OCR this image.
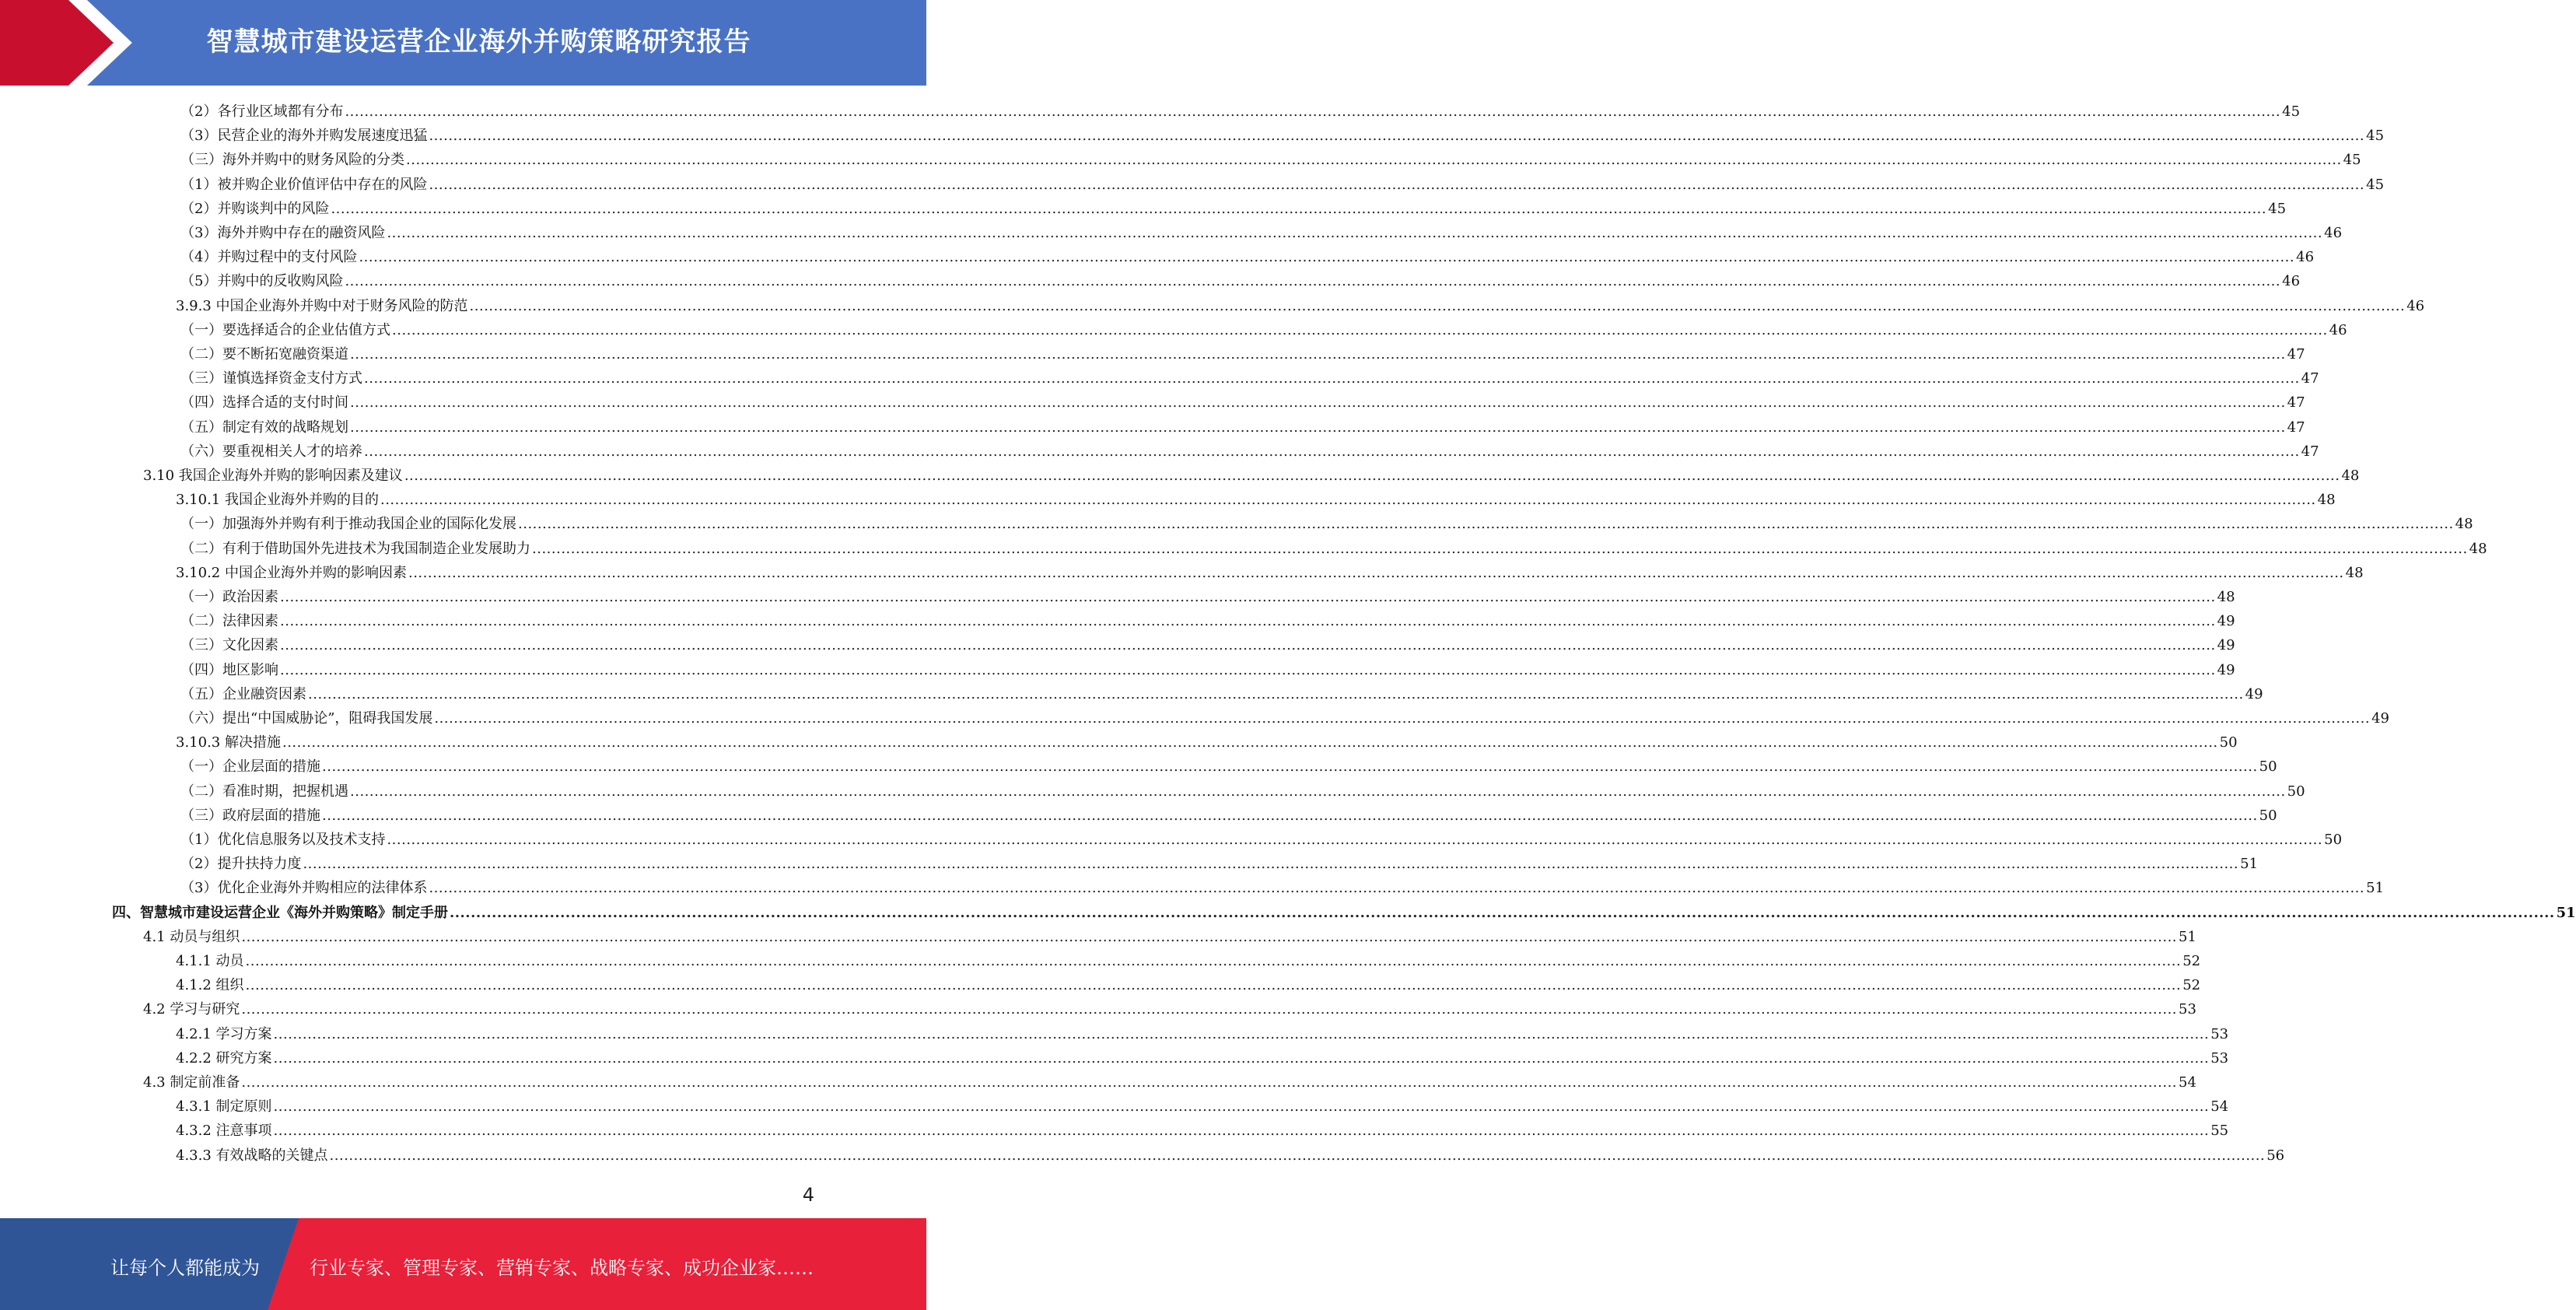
智慧城市建设运营企业海外并购策略研究报告
（2）各行业区域都有分布 ................................................................................................................................................................................................................................................................................................................................................................................................................ 45
（3）民营企业的海外并购发展速度迅猛 ................................................................................................................................................................................................................................................................................................................................................................................................................ 45
（三）海外并购中的财务风险的分类 ................................................................................................................................................................................................................................................................................................................................................................................................................ 45
（1）被并购企业价值评估中存在的风险 ................................................................................................................................................................................................................................................................................................................................................................................................................ 45
（2）并购谈判中的风险 ................................................................................................................................................................................................................................................................................................................................................................................................................ 45
（3）海外并购中存在的融资风险 ................................................................................................................................................................................................................................................................................................................................................................................................................ 46
（4）并购过程中的支付风险 ................................................................................................................................................................................................................................................................................................................................................................................................................ 46
（5）并购中的反收购风险 ................................................................................................................................................................................................................................................................................................................................................................................................................ 46
3.9.3 中国企业海外并购中对于财务风险的防范 ................................................................................................................................................................................................................................................................................................................................................................................................................ 46
（一）要选择适合的企业估值方式 ................................................................................................................................................................................................................................................................................................................................................................................................................ 46
（二）要不断拓宽融资渠道 ................................................................................................................................................................................................................................................................................................................................................................................................................ 47
（三）谨慎选择资金支付方式 ................................................................................................................................................................................................................................................................................................................................................................................................................ 47
（四）选择合适的支付时间 ................................................................................................................................................................................................................................................................................................................................................................................................................ 47
（五）制定有效的战略规划 ................................................................................................................................................................................................................................................................................................................................................................................................................ 47
（六）要重视相关人才的培养 ................................................................................................................................................................................................................................................................................................................................................................................................................ 47
3.10 我国企业海外并购的影响因素及建议 ................................................................................................................................................................................................................................................................................................................................................................................................................ 48
3.10.1 我国企业海外并购的目的 ................................................................................................................................................................................................................................................................................................................................................................................................................ 48
（一）加强海外并购有利于推动我国企业的国际化发展 ................................................................................................................................................................................................................................................................................................................................................................................................................ 48
（二）有利于借助国外先进技术为我国制造企业发展助力 ................................................................................................................................................................................................................................................................................................................................................................................................................ 48
3.10.2 中国企业海外并购的影响因素 ................................................................................................................................................................................................................................................................................................................................................................................................................ 48
（一）政治因素 ................................................................................................................................................................................................................................................................................................................................................................................................................ 48
（二）法律因素 ................................................................................................................................................................................................................................................................................................................................................................................................................ 49
（三）文化因素 ................................................................................................................................................................................................................................................................................................................................................................................................................ 49
（四）地区影响 ................................................................................................................................................................................................................................................................................................................................................................................................................ 49
（五）企业融资因素 ................................................................................................................................................................................................................................................................................................................................................................................................................ 49
（六）提出“中国威胁论”，阻碍我国发展 ................................................................................................................................................................................................................................................................................................................................................................................................................ 49
3.10.3 解决措施 ................................................................................................................................................................................................................................................................................................................................................................................................................ 50
（一）企业层面的措施 ................................................................................................................................................................................................................................................................................................................................................................................................................ 50
（二）看准时期，把握机遇 ................................................................................................................................................................................................................................................................................................................................................................................................................ 50
（三）政府层面的措施 ................................................................................................................................................................................................................................................................................................................................................................................................................ 50
（1）优化信息服务以及技术支持 ................................................................................................................................................................................................................................................................................................................................................................................................................ 50
（2）提升扶持力度 ................................................................................................................................................................................................................................................................................................................................................................................................................ 51
（3）优化企业海外并购相应的法律体系 ................................................................................................................................................................................................................................................................................................................................................................................................................ 51
四、智慧城市建设运营企业《海外并购策略》制定手册 ................................................................................................................................................................................................................................................................................................................................................................................................................ 51
4.1 动员与组织 ................................................................................................................................................................................................................................................................................................................................................................................................................ 51
4.1.1 动员 ................................................................................................................................................................................................................................................................................................................................................................................................................ 52
4.1.2 组织 ................................................................................................................................................................................................................................................................................................................................................................................................................ 52
4.2 学习与研究 ................................................................................................................................................................................................................................................................................................................................................................................................................ 53
4.2.1 学习方案 ................................................................................................................................................................................................................................................................................................................................................................................................................ 53
4.2.2 研究方案 ................................................................................................................................................................................................................................................................................................................................................................................................................ 53
4.3 制定前准备 ................................................................................................................................................................................................................................................................................................................................................................................................................ 54
4.3.1 制定原则 ................................................................................................................................................................................................................................................................................................................................................................................................................ 54
4.3.2 注意事项 ................................................................................................................................................................................................................................................................................................................................................................................................................ 55
4.3.3 有效战略的关键点 ................................................................................................................................................................................................................................................................................................................................................................................................................ 56
4
让每个人都能成为	行业专家、管理专家、营销专家、战略专家、成功企业家……
